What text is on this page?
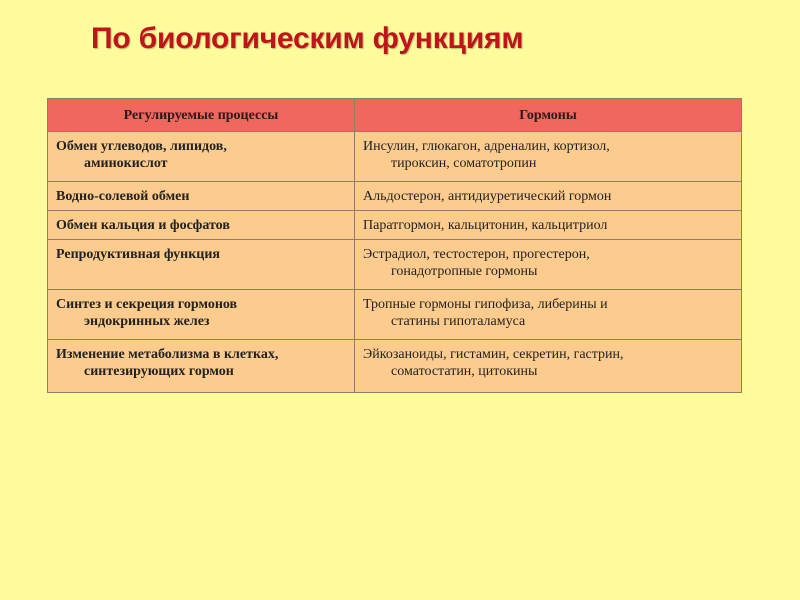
По биологическим функциям
Регулируемые процессы	Гормоны

Обмен углеводов, липидов,
аминокислот	Инсулин, глюкагон, адреналин, кортизол,
тироксин, соматотропин

Водно-солевой обмен	Альдостерон, антидиуретический гормон

Обмен кальция и фосфатов	Паратгормон, кальцитонин, кальцитриол

Репродуктивная функция	Эстрадиол, тестостерон, прогестерон,
гонадотропные гормоны

Синтез и секреция гормонов
эндокринных желез	Тропные гормоны гипофиза, либерины и
статины гипоталамуса

Изменение метаболизма в клетках,
синтезирующих гормон	Эйкозаноиды, гистамин, секретин, гастрин,
соматостатин, цитокины
